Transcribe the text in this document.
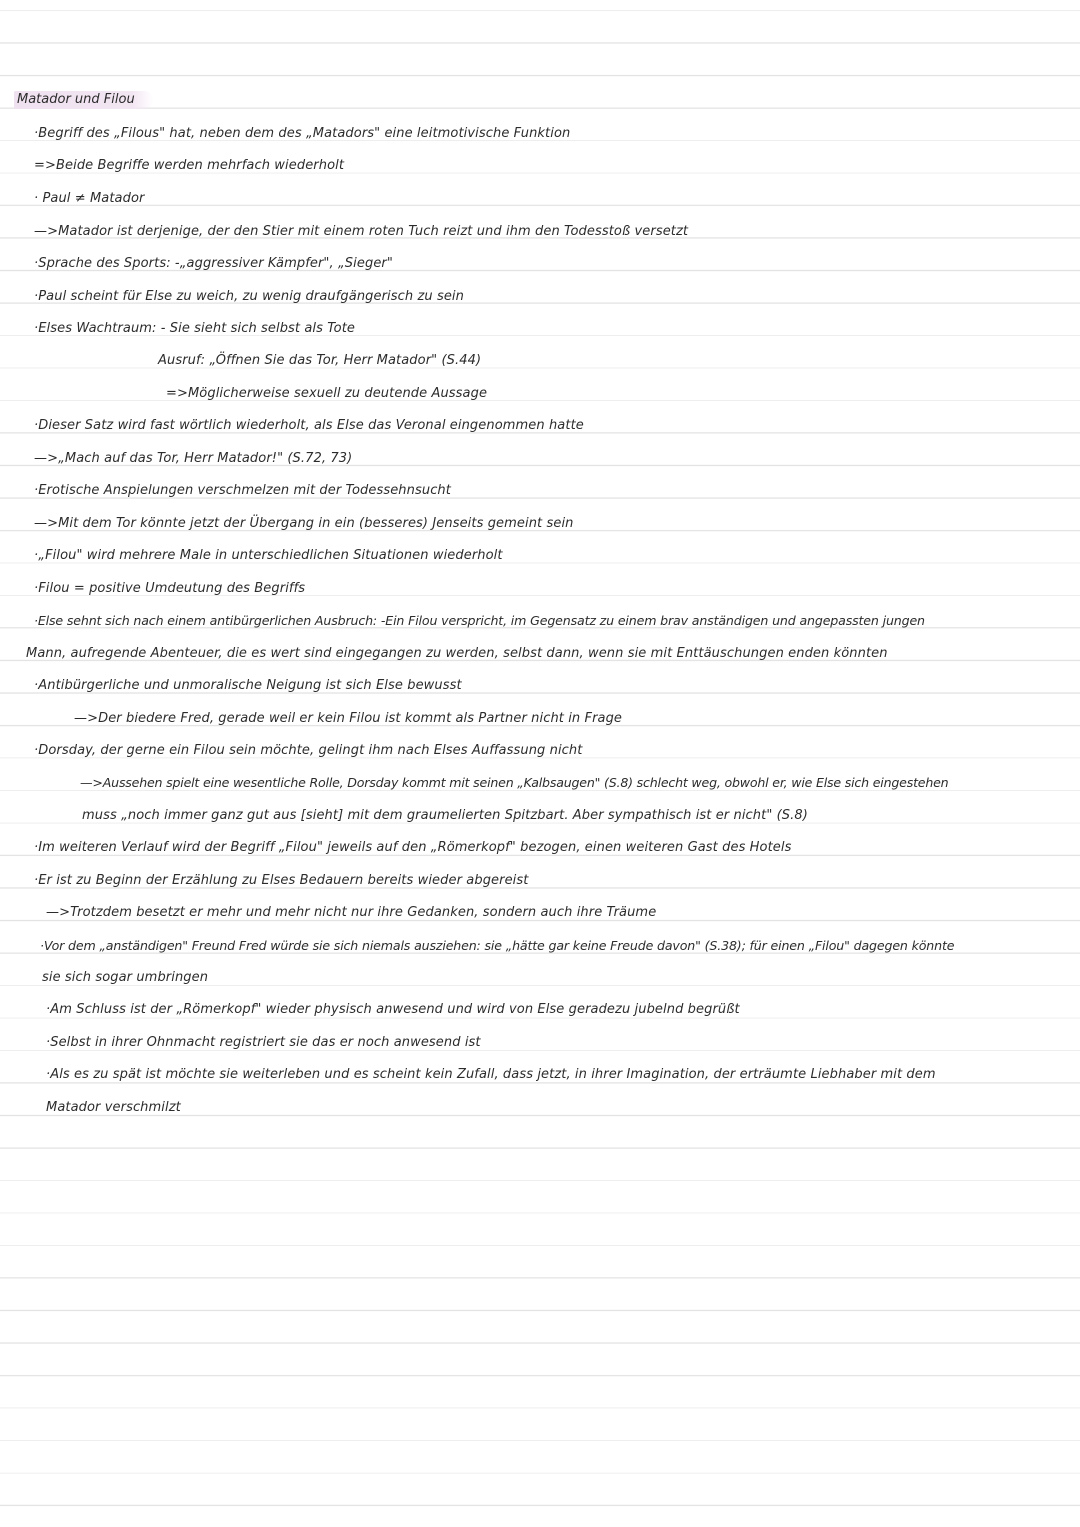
Matador und Filou
·Begriff des „Filous" hat, neben dem des „Matadors" eine leitmotivische Funktion
=>Beide Begriffe werden mehrfach wiederholt
· Paul ≠ Matador
—>Matador ist derjenige, der den Stier mit einem roten Tuch reizt und ihm den Todesstoß versetzt
·Sprache des Sports: -„aggressiver Kämpfer", „Sieger"
·Paul scheint für Else zu weich, zu wenig draufgängerisch zu sein
·Elses Wachtraum: - Sie sieht sich selbst als Tote
Ausruf: „Öffnen Sie das Tor, Herr Matador" (S.44)
=>Möglicherweise sexuell zu deutende Aussage
·Dieser Satz wird fast wörtlich wiederholt, als Else das Veronal eingenommen hatte
—>„Mach auf das Tor, Herr Matador!" (S.72, 73)
·Erotische Anspielungen verschmelzen mit der Todessehnsucht
—>Mit dem Tor könnte jetzt der Übergang in ein (besseres) Jenseits gemeint sein
·„Filou" wird mehrere Male in unterschiedlichen Situationen wiederholt
·Filou = positive Umdeutung des Begriffs
·Else sehnt sich nach einem antibürgerlichen Ausbruch: -Ein Filou verspricht, im Gegensatz zu einem brav anständigen und angepassten jungen
Mann, aufregende Abenteuer, die es wert sind eingegangen zu werden, selbst dann, wenn sie mit Enttäuschungen enden könnten
·Antibürgerliche und unmoralische Neigung ist sich Else bewusst
—>Der biedere Fred, gerade weil er kein Filou ist kommt als Partner nicht in Frage
·Dorsday, der gerne ein Filou sein möchte, gelingt ihm nach Elses Auffassung nicht
—>Aussehen spielt eine wesentliche Rolle, Dorsday kommt mit seinen „Kalbsaugen" (S.8) schlecht weg, obwohl er, wie Else sich eingestehen
muss „noch immer ganz gut aus [sieht] mit dem graumelierten Spitzbart. Aber sympathisch ist er nicht" (S.8)
·Im weiteren Verlauf wird der Begriff „Filou" jeweils auf den „Römerkopf" bezogen, einen weiteren Gast des Hotels
·Er ist zu Beginn der Erzählung zu Elses Bedauern bereits wieder abgereist
—>Trotzdem besetzt er mehr und mehr nicht nur ihre Gedanken, sondern auch ihre Träume
·Vor dem „anständigen" Freund Fred würde sie sich niemals ausziehen: sie „hätte gar keine Freude davon" (S.38); für einen „Filou" dagegen könnte
sie sich sogar umbringen
·Am Schluss ist der „Römerkopf" wieder physisch anwesend und wird von Else geradezu jubelnd begrüßt
·Selbst in ihrer Ohnmacht registriert sie das er noch anwesend ist
·Als es zu spät ist möchte sie weiterleben und es scheint kein Zufall, dass jetzt, in ihrer Imagination, der erträumte Liebhaber mit dem
Matador verschmilzt
